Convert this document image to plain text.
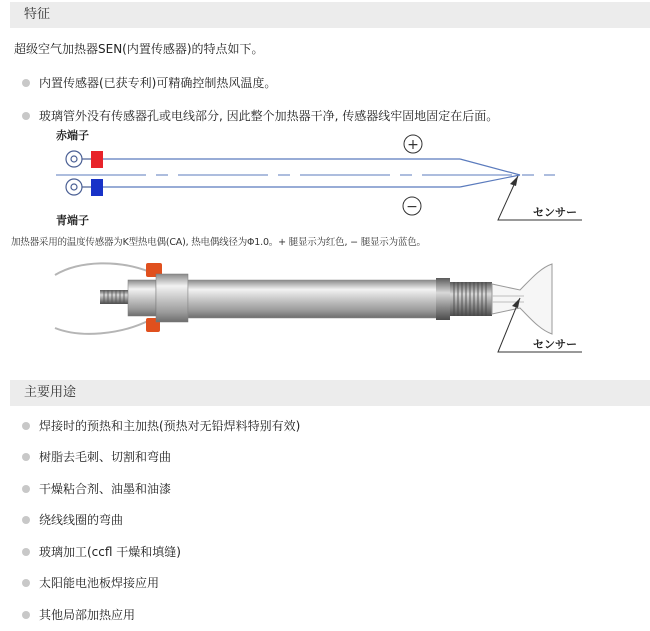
特征
超级空气加热器SEN(内置传感器)的特点如下。
内置传感器(已获专利)可精确控制热风温度。
玻璃管外没有传感器孔或电线部分, 因此整个加热器干净, 传感器线牢固地固定在后面。
赤端子
+
−	センサー
青端子
加热器采用的温度传感器为K型热电偶(CA), 热电偶线径为Φ1.0。+ 腿显示为红色, − 腿显示为蓝色。
センサー
主要用途
焊接时的预热和主加热(预热对无铅焊料特别有效)
树脂去毛刺、切割和弯曲
干燥粘合剂、油墨和油漆
绕线线圈的弯曲
玻璃加工(ccfl 干燥和填缝)
太阳能电池板焊接应用
其他局部加热应用
